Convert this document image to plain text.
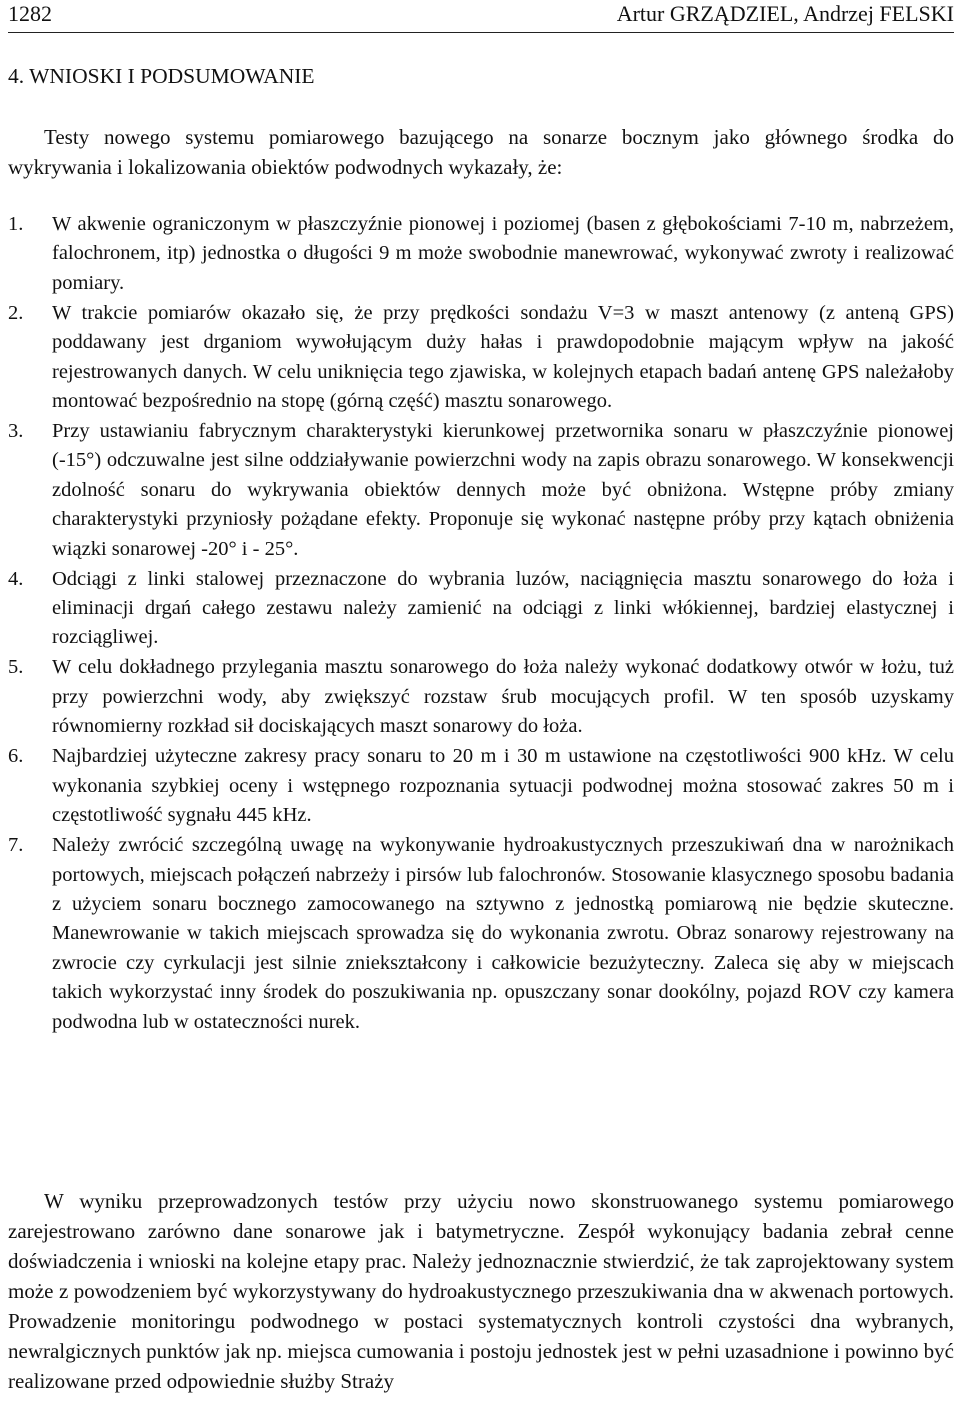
1282	Artur GRZĄDZIEL, Andrzej FELSKI
4. WNIOSKI I PODSUMOWANIE

Testy nowego systemu pomiarowego bazującego na sonarze bocznym jako głównego środka do wykrywania i lokalizowania obiektów podwodnych wykazały, że:

1. W akwenie ograniczonym w płaszczyźnie pionowej i poziomej (basen z głębokościami 7-10 m, nabrzeżem, falochronem, itp) jednostka o długości 9 m może swobodnie manewrować, wykonywać zwroty i realizować pomiary.
2. W trakcie pomiarów okazało się, że przy prędkości sondażu V=3 w maszt antenowy (z anteną GPS) poddawany jest drganiom wywołującym duży hałas i prawdopodobnie mającym wpływ na jakość rejestrowanych danych. W celu uniknięcia tego zjawiska, w kolejnych etapach badań antenę GPS należałoby montować bezpośrednio na stopę (górną część) masztu sonarowego.
3. Przy ustawianiu fabrycznym charakterystyki kierunkowej przetwornika sonaru w płaszczyźnie pionowej (-15°) odczuwalne jest silne oddziaływanie powierzchni wody na zapis obrazu sonarowego. W konsekwencji zdolność sonaru do wykrywania obiektów dennych może być obniżona. Wstępne próby zmiany charakterystyki przyniosły pożądane efekty. Proponuje się wykonać następne próby przy kątach obniżenia wiązki sonarowej -20° i - 25°.
4. Odciągi z linki stalowej przeznaczone do wybrania luzów, naciągnięcia masztu sonarowego do łoża i eliminacji drgań całego zestawu należy zamienić na odciągi z linki włókiennej, bardziej elastycznej i rozciągliwej.
5. W celu dokładnego przylegania masztu sonarowego do łoża należy wykonać dodatkowy otwór w łożu, tuż przy powierzchni wody, aby zwiększyć rozstaw śrub mocujących profil. W ten sposób uzyskamy równomierny rozkład sił dociskających maszt sonarowy do łoża.
6. Najbardziej użyteczne zakresy pracy sonaru to 20 m i 30 m ustawione na częstotliwości 900 kHz. W celu wykonania szybkiej oceny i wstępnego rozpoznania sytuacji podwodnej można stosować zakres 50 m i częstotliwość sygnału 445 kHz.
7. Należy zwrócić szczególną uwagę na wykonywanie hydroakustycznych przeszukiwań dna w narożnikach portowych, miejscach połączeń nabrzeży i pirsów lub falochronów. Stosowanie klasycznego sposobu badania z użyciem sonaru bocznego zamocowanego na sztywno z jednostką pomiarową nie będzie skuteczne. Manewrowanie w takich miejscach sprowadza się do wykonania zwrotu. Obraz sonarowy rejestrowany na zwrocie czy cyrkulacji jest silnie zniekształcony i całkowicie bezużyteczny. Zaleca się aby w miejscach takich wykorzystać inny środek do poszukiwania np. opuszczany sonar dookólny, pojazd ROV czy kamera podwodna lub w ostateczności nurek.

W wyniku przeprowadzonych testów przy użyciu nowo skonstruowanego systemu pomiarowego zarejestrowano zarówno dane sonarowe jak i batymetryczne. Zespół wykonujący badania zebrał cenne doświadczenia i wnioski na kolejne etapy prac. Należy jednoznacznie stwierdzić, że tak zaprojektowany system może z powodzeniem być wykorzystywany do hydroakustycznego przeszukiwania dna w akwenach portowych. Prowadzenie monitoringu podwodnego w postaci systematycznych kontroli czystości dna wybranych, newralgicznych punktów jak np. miejsca cumowania i postoju jednostek jest w pełni uzasadnione i powinno być realizowane przed odpowiednie służby Straży
